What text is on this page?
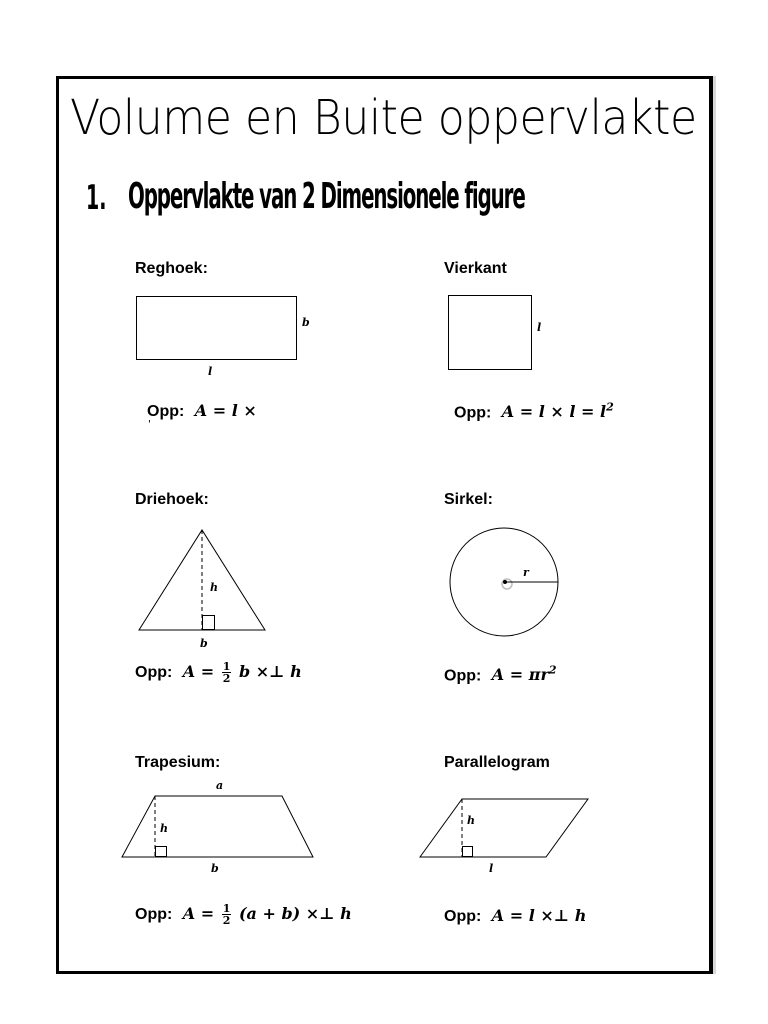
Volume en Buite oppervlakte
1. Oppervlakte van 2 Dimensionele figure
Reghoek:
Opp: A = l ×
ˈ
Vierkant
Opp: $A = l \times l = l^2$
Driehoek:
Opp: $A = \frac{1}{2}$ b ×⊥ h
Sirkel:
Opp: $A = \pi r^2$
Trapesium:
Opp: $A = \frac{1}{2} (a + b)$ ×⊥ h
Parallelogram
Opp: A = l ×⊥ h
b
l
l
h
b
r
a
h
b
h
l
